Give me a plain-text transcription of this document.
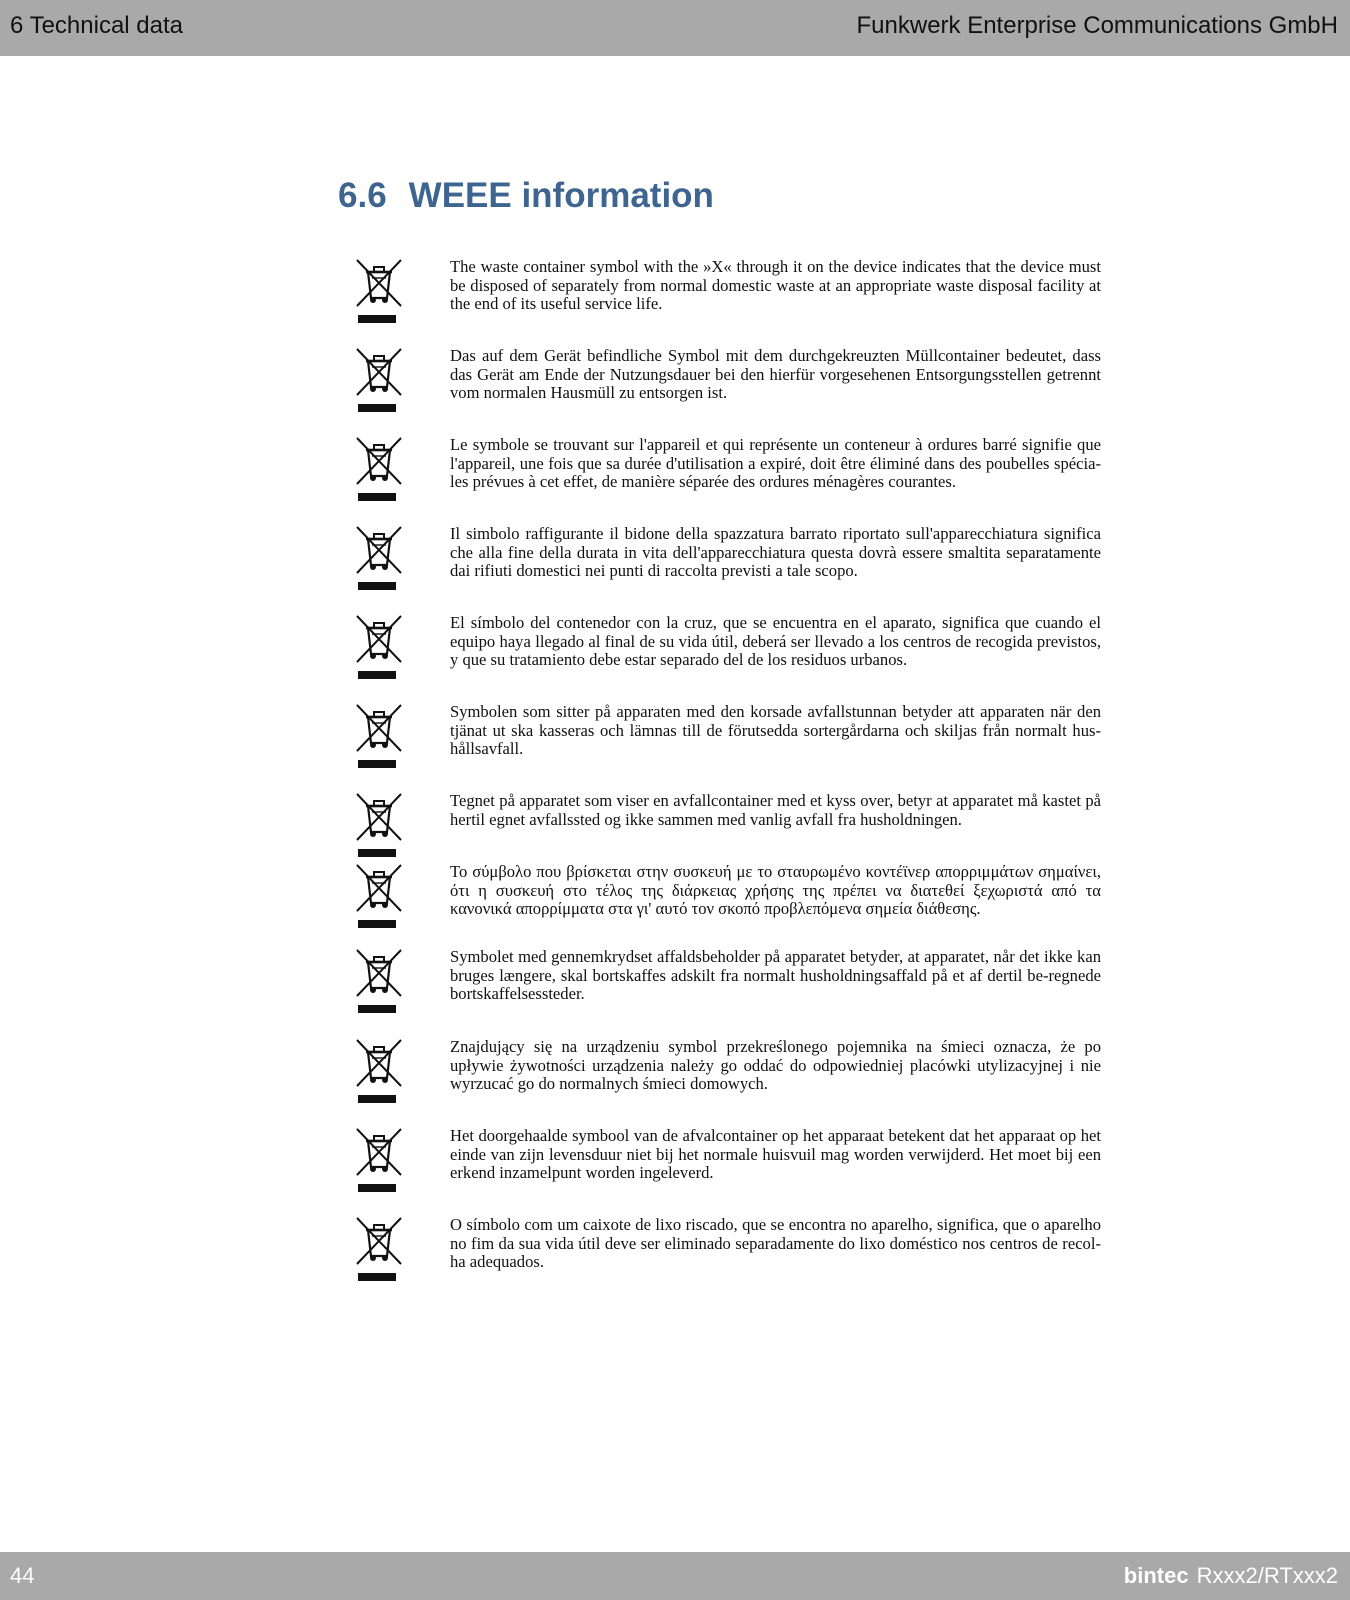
6 Technical data	Funkwerk Enterprise Communications GmbH
6.6 WEEE information

The waste container symbol with the »X« through it on the device indicates that the device must be disposed of separately from normal domestic waste at an appropriate waste disposal facility at the end of its useful service life.

Das auf dem Gerät befindliche Symbol mit dem durchgekreuzten Müllcontainer bedeutet, dass das Gerät am Ende der Nutzungsdauer bei den hierfür vorgesehenen Entsorgungsstellen getrennt vom normalen Hausmüll zu entsorgen ist.

Le symbole se trouvant sur l'appareil et qui représente un conteneur à ordures barré signifie que l'appareil, une fois que sa durée d'utilisation a expiré, doit être éliminé dans des poubelles spécia-les prévues à cet effet, de manière séparée des ordures ménagères courantes.

Il simbolo raffigurante il bidone della spazzatura barrato riportato sull'apparecchiatura significa che alla fine della durata in vita dell'apparecchiatura questa dovrà essere smaltita separatamente dai rifiuti domestici nei punti di raccolta previsti a tale scopo.

El símbolo del contenedor con la cruz, que se encuentra en el aparato, significa que cuando el equipo haya llegado al final de su vida útil, deberá ser llevado a los centros de recogida previstos, y que su tratamiento debe estar separado del de los residuos urbanos.

Symbolen som sitter på apparaten med den korsade avfallstunnan betyder att apparaten när den tjänat ut ska kasseras och lämnas till de förutsedda sortergårdarna och skiljas från normalt hus-hållsavfall.

Tegnet på apparatet som viser en avfallcontainer med et kyss over, betyr at apparatet må kastet på hertil egnet avfallssted og ikke sammen med vanlig avfall fra husholdningen.

Το σύμβολο που βρίσκεται στην συσκευή με το σταυρωμένο κοντέϊνερ απορριμμάτων σημαίνει, ότι η συσκευή στο τέλος της διάρκειας χρήσης της πρέπει να διατεθεί ξεχωριστά από τα κανονικά απορρίμματα στα γι' αυτό τον σκοπό προβλεπόμενα σημεία διάθεσης.

Symbolet med gennemkrydset affaldsbeholder på apparatet betyder, at apparatet, når det ikke kan bruges længere, skal bortskaffes adskilt fra normalt husholdningsaffald på et af dertil be-regnede bortskaffelsessteder.

Znajdujący się na urządzeniu symbol przekreślonego pojemnika na śmieci oznacza, że po upływie żywotności urządzenia należy go oddać do odpowiedniej placówki utylizacyjnej i nie wyrzucać go do normalnych śmieci domowych.

Het doorgehaalde symbool van de afvalcontainer op het apparaat betekent dat het apparaat op het einde van zijn levensduur niet bij het normale huisvuil mag worden verwijderd. Het moet bij een erkend inzamelpunt worden ingeleverd.

O símbolo com um caixote de lixo riscado, que se encontra no aparelho, significa, que o aparelho no fim da sua vida útil deve ser eliminado separadamente do lixo doméstico nos centros de recol-ha adequados.

44	bintec Rxxx2/RTxxx2
